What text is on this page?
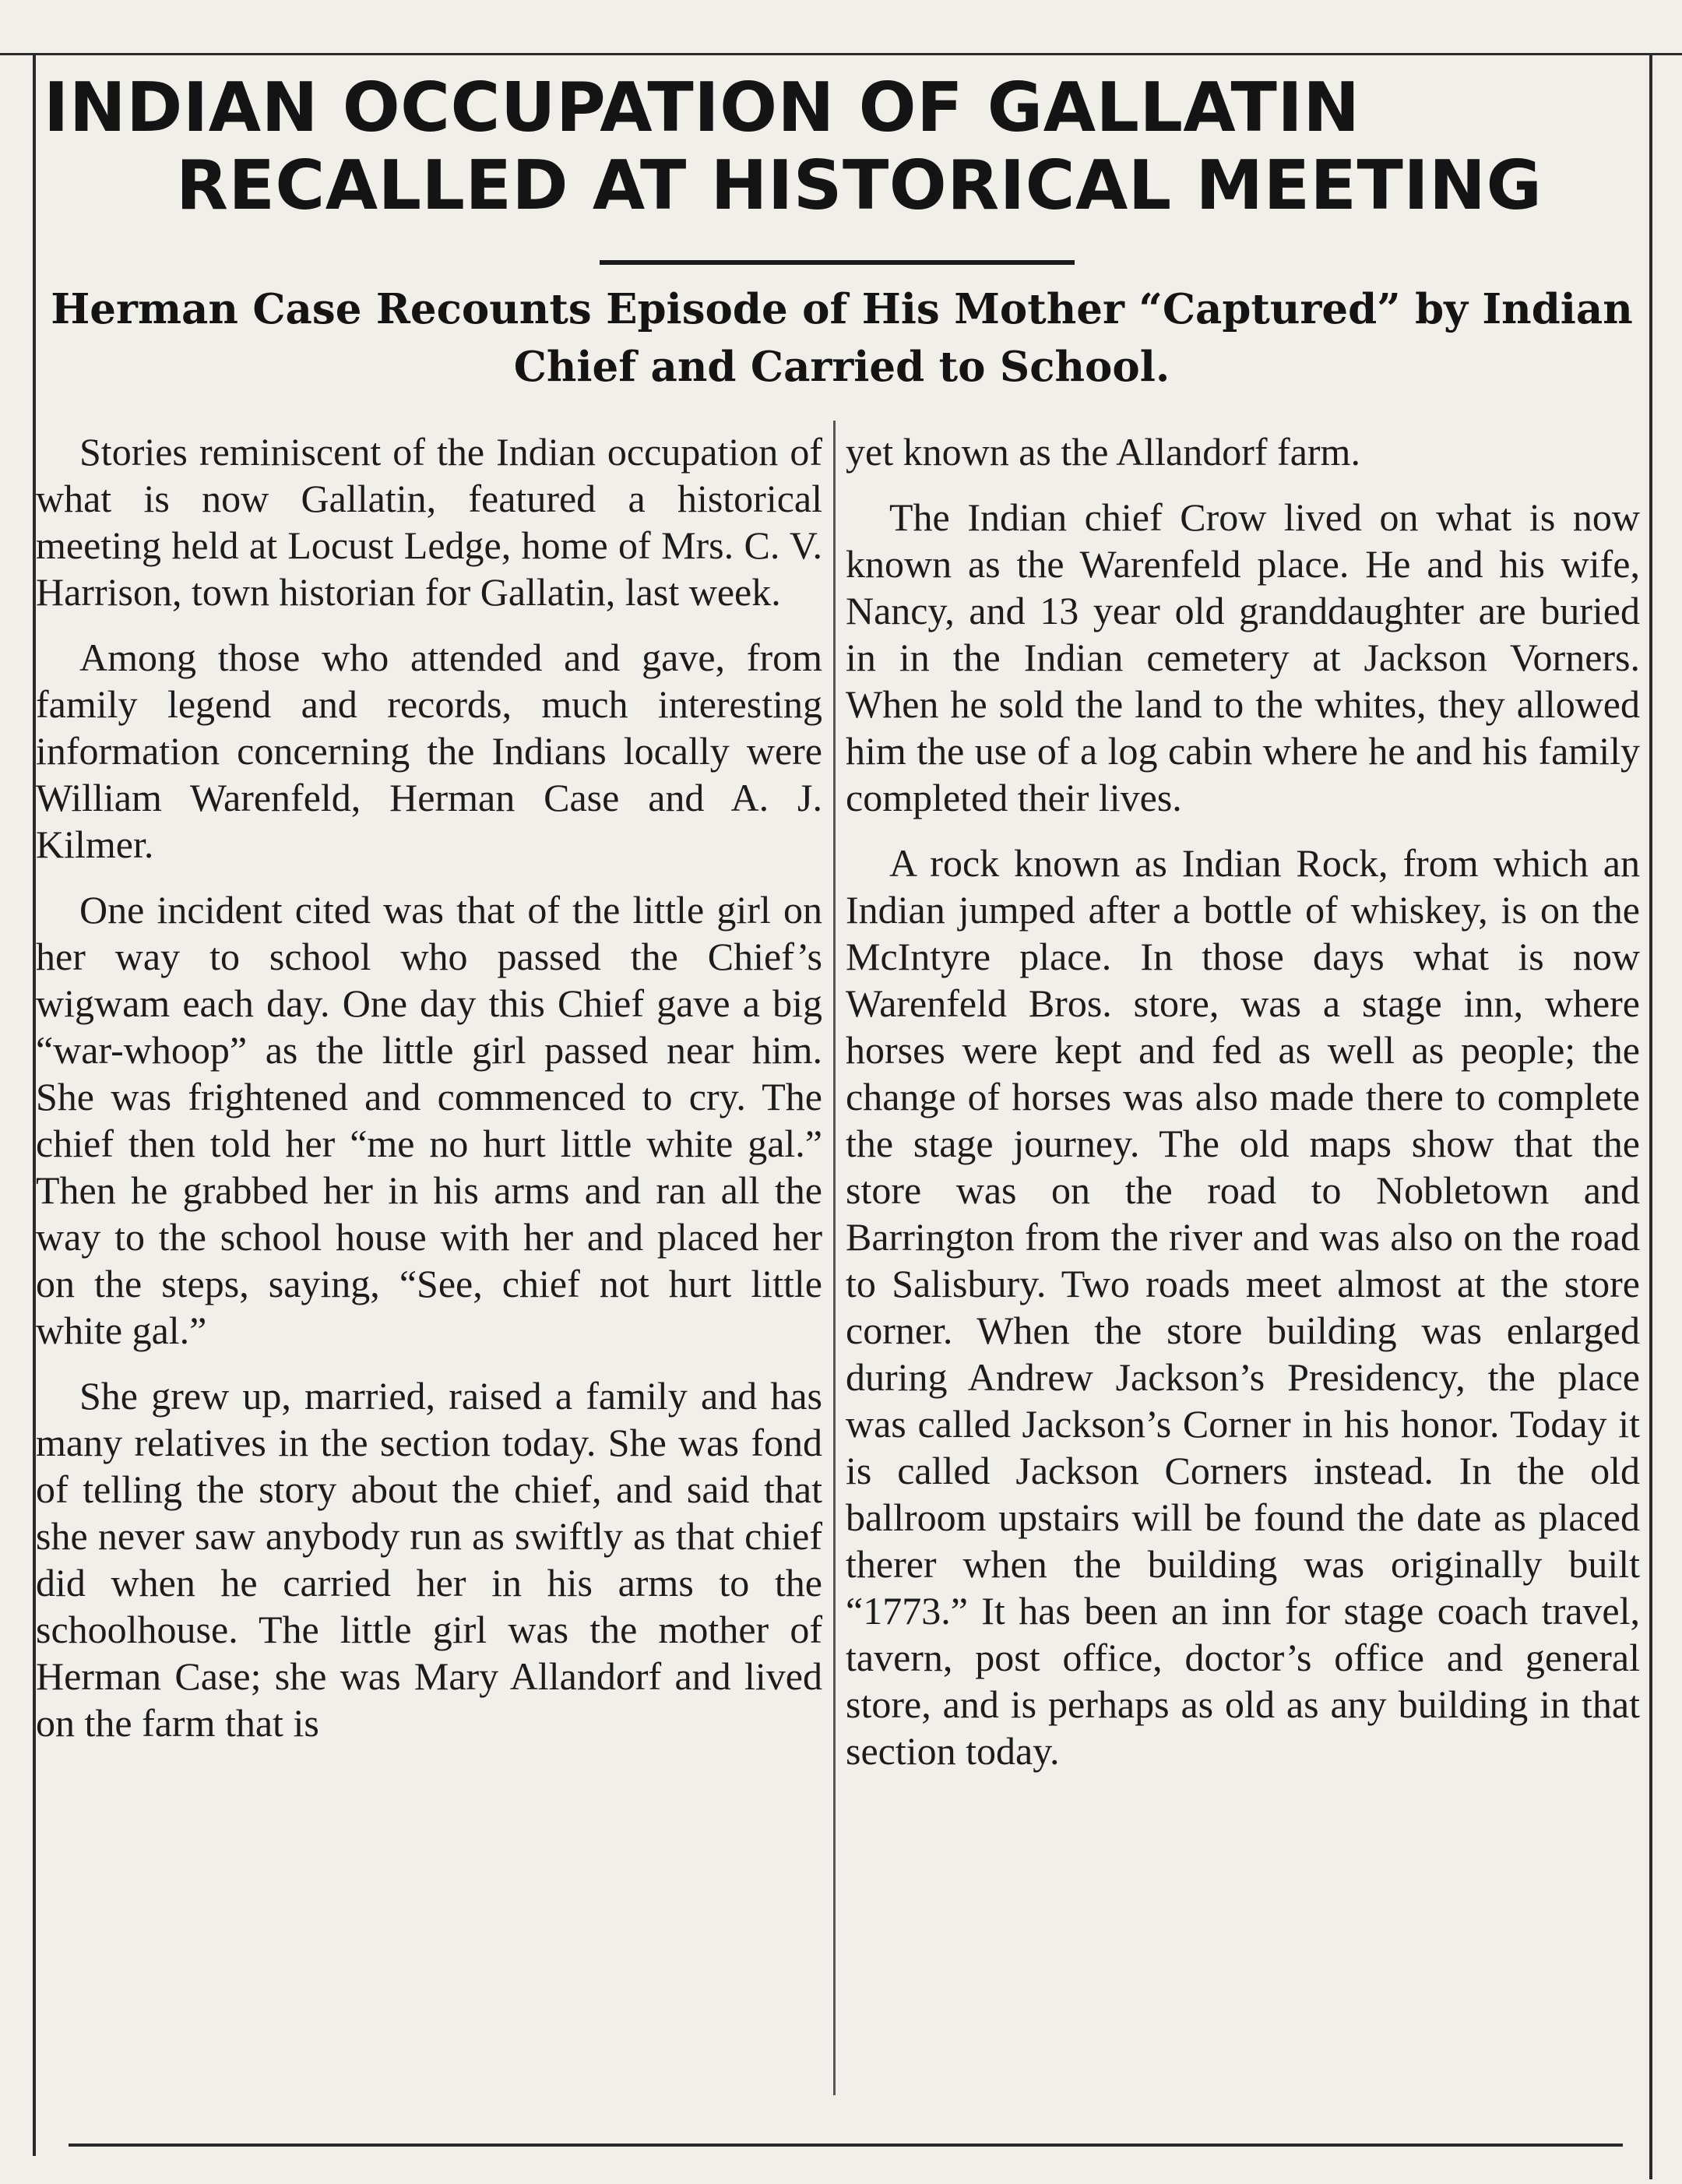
INDIAN OCCUPATION OF GALLATIN
RECALLED AT HISTORICAL MEETING
Herman Case Recounts Episode of His Mother “Captured” by Indian Chief and Carried to School.

Stories reminiscent of the Indian occupation of what is now Gallatin, featured a historical meeting held at Locust Ledge, home of Mrs. C. V. Harrison, town historian for Gallatin, last week.

Among those who attended and gave, from family legend and records, much interesting information concerning the Indians locally were William Warenfeld, Herman Case and A. J. Kilmer.

One incident cited was that of the little girl on her way to school who passed the Chief’s wigwam each day. One day this Chief gave a big “war-whoop” as the little girl passed near him. She was frightened and commenced to cry. The chief then told her “me no hurt little white gal.” Then he grabbed her in his arms and ran all the way to the school house with her and placed her on the steps, saying, “See, chief not hurt little white gal.”

She grew up, married, raised a family and has many relatives in the section today. She was fond of telling the story about the chief, and said that she never saw anybody run as swiftly as that chief did when he carried her in his arms to the schoolhouse. The little girl was the mother of Herman Case; she was Mary Allandorf and lived on the farm that is

yet known as the Allandorf farm.

The Indian chief Crow lived on what is now known as the Warenfeld place. He and his wife, Nancy, and 13 year old granddaughter are buried in in the Indian cemetery at Jackson Vorners. When he sold the land to the whites, they allowed him the use of a log cabin where he and his family completed their lives.

A rock known as Indian Rock, from which an Indian jumped after a bottle of whiskey, is on the McIntyre place. In those days what is now Warenfeld Bros. store, was a stage inn, where horses were kept and fed as well as people; the change of horses was also made there to complete the stage journey. The old maps show that the store was on the road to Nobletown and Barrington from the river and was also on the road to Salisbury. Two roads meet almost at the store corner. When the store building was enlarged during Andrew Jackson’s Presidency, the place was called Jackson’s Corner in his honor. Today it is called Jackson Corners instead. In the old ballroom upstairs will be found the date as placed therer when the building was originally built “1773.” It has been an inn for stage coach travel, tavern, post office, doctor’s office and general store, and is perhaps as old as any building in that section today.
